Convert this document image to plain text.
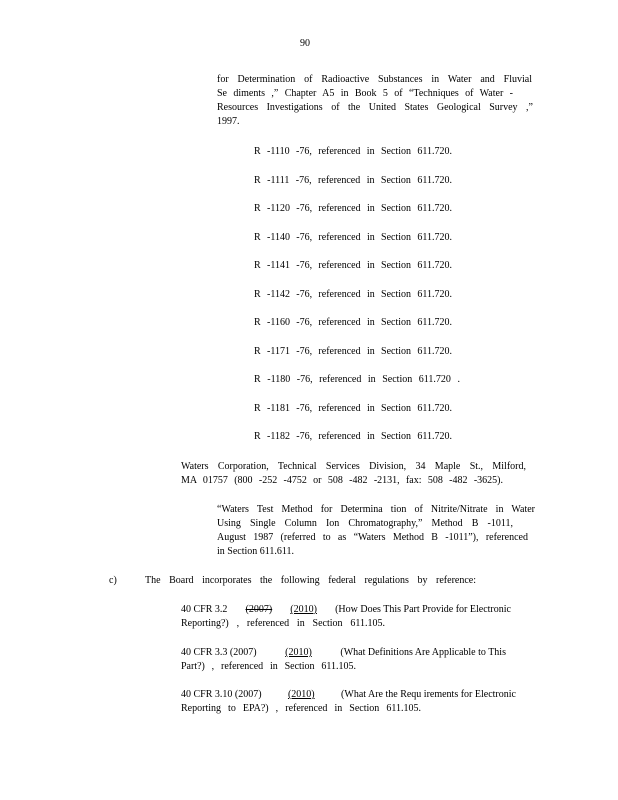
90
for Determination of Radioactive Substances in Water and Fluvial
Se diments ,” Chapter A5 in Book 5 of “Techniques of Water -
Resources Investigations of the United States Geological Survey ,”
1997.
R -1110 -76, referenced in Section 611.720.
R -1111 -76, referenced in Section 611.720.
R -1120 -76, referenced in Section 611.720.
R -1140 -76, referenced in Section 611.720.
R -1141 -76, referenced in Section 611.720.
R -1142 -76, referenced in Section 611.720.
R -1160 -76, referenced in Section 611.720.
R -1171 -76, referenced in Section 611.720.
R -1180 -76, referenced in Section 611.720 .
R -1181 -76, referenced in Section 611.720.
R -1182 -76, referenced in Section 611.720.
Waters Corporation, Technical Services Division, 34 Maple St., Milford,
MA 01757 (800 -252 -4752 or 508 -482 -2131, fax: 508 -482 -3625).
“Waters Test Method for Determina tion of Nitrite/Nitrate in Water
Using Single Column Ion Chromatography,” Method B -1011,
August 1987 (referred to as “Waters Method B -1011”), referenced
in Section 611.611.
c)	The Board incorporates the following federal regulations by reference:
40 CFR 3.2 (2007) (2010) (How Does This Part Provide for Electronic
Reporting?) , referenced in Section 611.105.
40 CFR 3.3 (2007)	(2010)	(What Definitions Are Applicable to This
Part?) , referenced in Section 611.105.
40 CFR 3.10 (2007)	(2010)	(What Are the Requ irements for Electronic
Reporting to EPA?) , referenced in Section 611.105.
